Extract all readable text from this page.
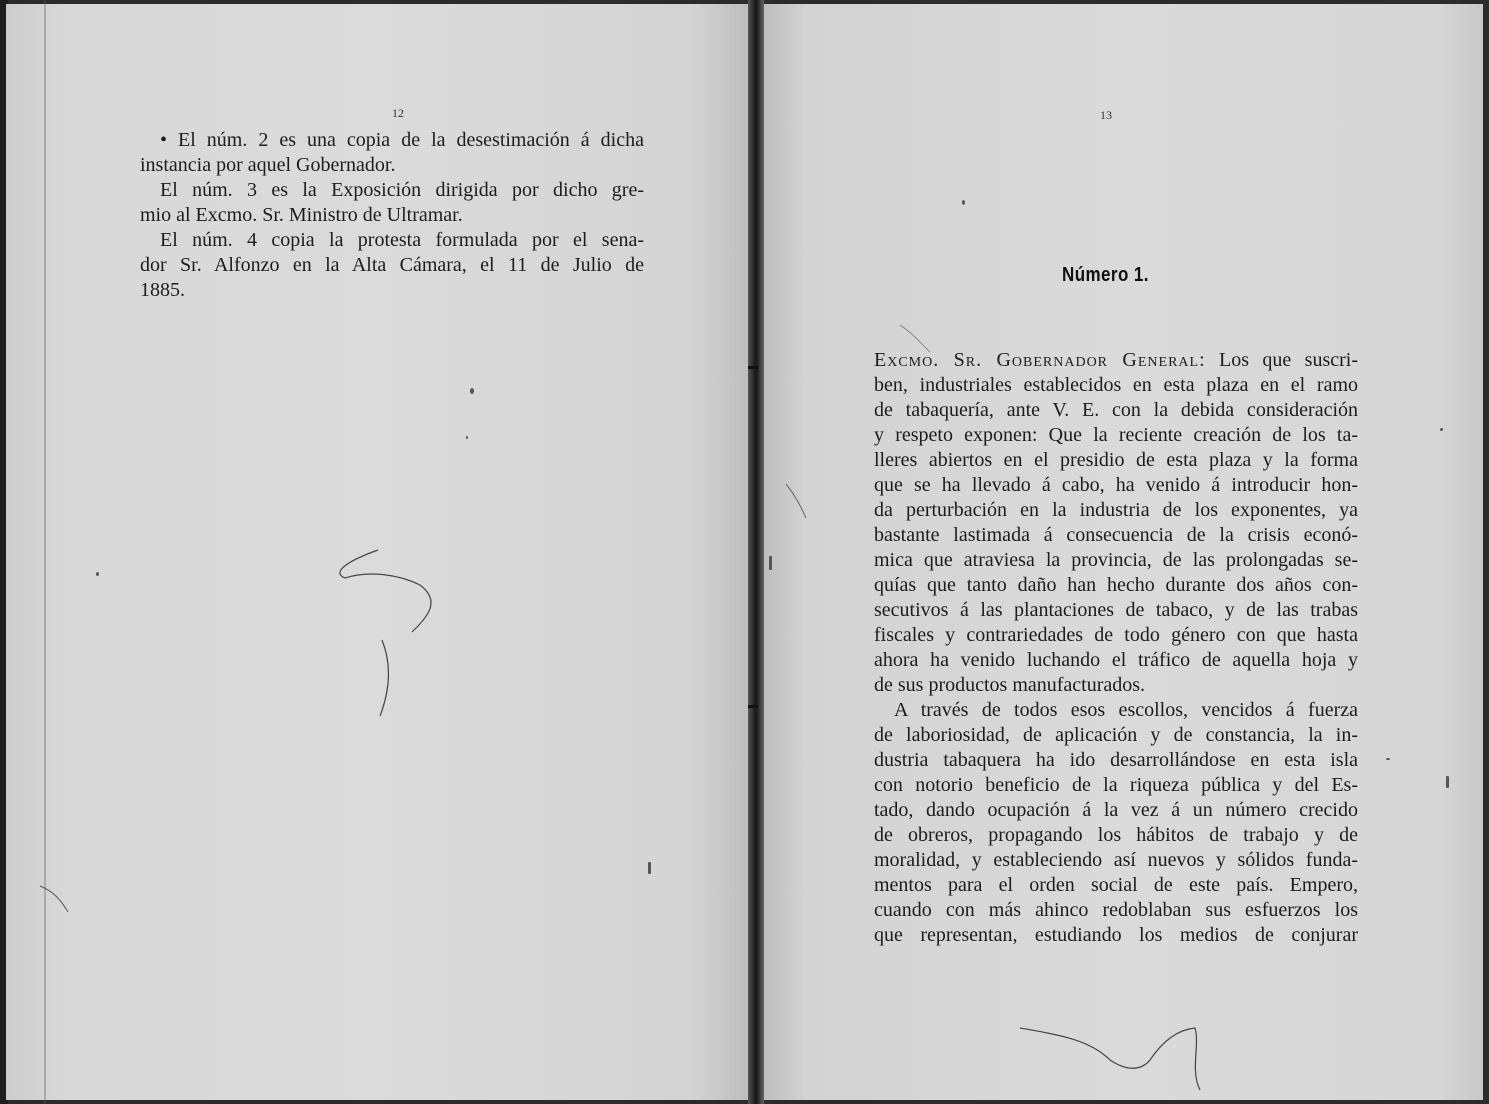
12
• El núm. 2 es una copia de la desestimación á dicha
instancia por aquel Gobernador.
El núm. 3 es la Exposición dirigida por dicho gre-
mio al Excmo. Sr. Ministro de Ultramar.
El núm. 4 copia la protesta formulada por el sena-
dor Sr. Alfonzo en la Alta Cámara, el 11 de Julio de
1885.
13
Número 1.
Excmo. Sr. Gobernador General: Los que suscri-
ben, industriales establecidos en esta plaza en el ramo
de tabaquería, ante V. E. con la debida consideración
y respeto exponen: Que la reciente creación de los ta-
lleres abiertos en el presidio de esta plaza y la forma
que se ha llevado á cabo, ha venido á introducir hon-
da perturbación en la industria de los exponentes, ya
bastante lastimada á consecuencia de la crisis econó-
mica que atraviesa la provincia, de las prolongadas se-
quías que tanto daño han hecho durante dos años con-
secutivos á las plantaciones de tabaco, y de las trabas
fiscales y contrariedades de todo género con que hasta
ahora ha venido luchando el tráfico de aquella hoja y
de sus productos manufacturados.
A través de todos esos escollos, vencidos á fuerza
de laboriosidad, de aplicación y de constancia, la in-
dustria tabaquera ha ido desarrollándose en esta isla
con notorio beneficio de la riqueza pública y del Es-
tado, dando ocupación á la vez á un número crecido
de obreros, propagando los hábitos de trabajo y de
moralidad, y estableciendo así nuevos y sólidos funda-
mentos para el orden social de este país. Empero,
cuando con más ahinco redoblaban sus esfuerzos los
que representan, estudiando los medios de conjurar
